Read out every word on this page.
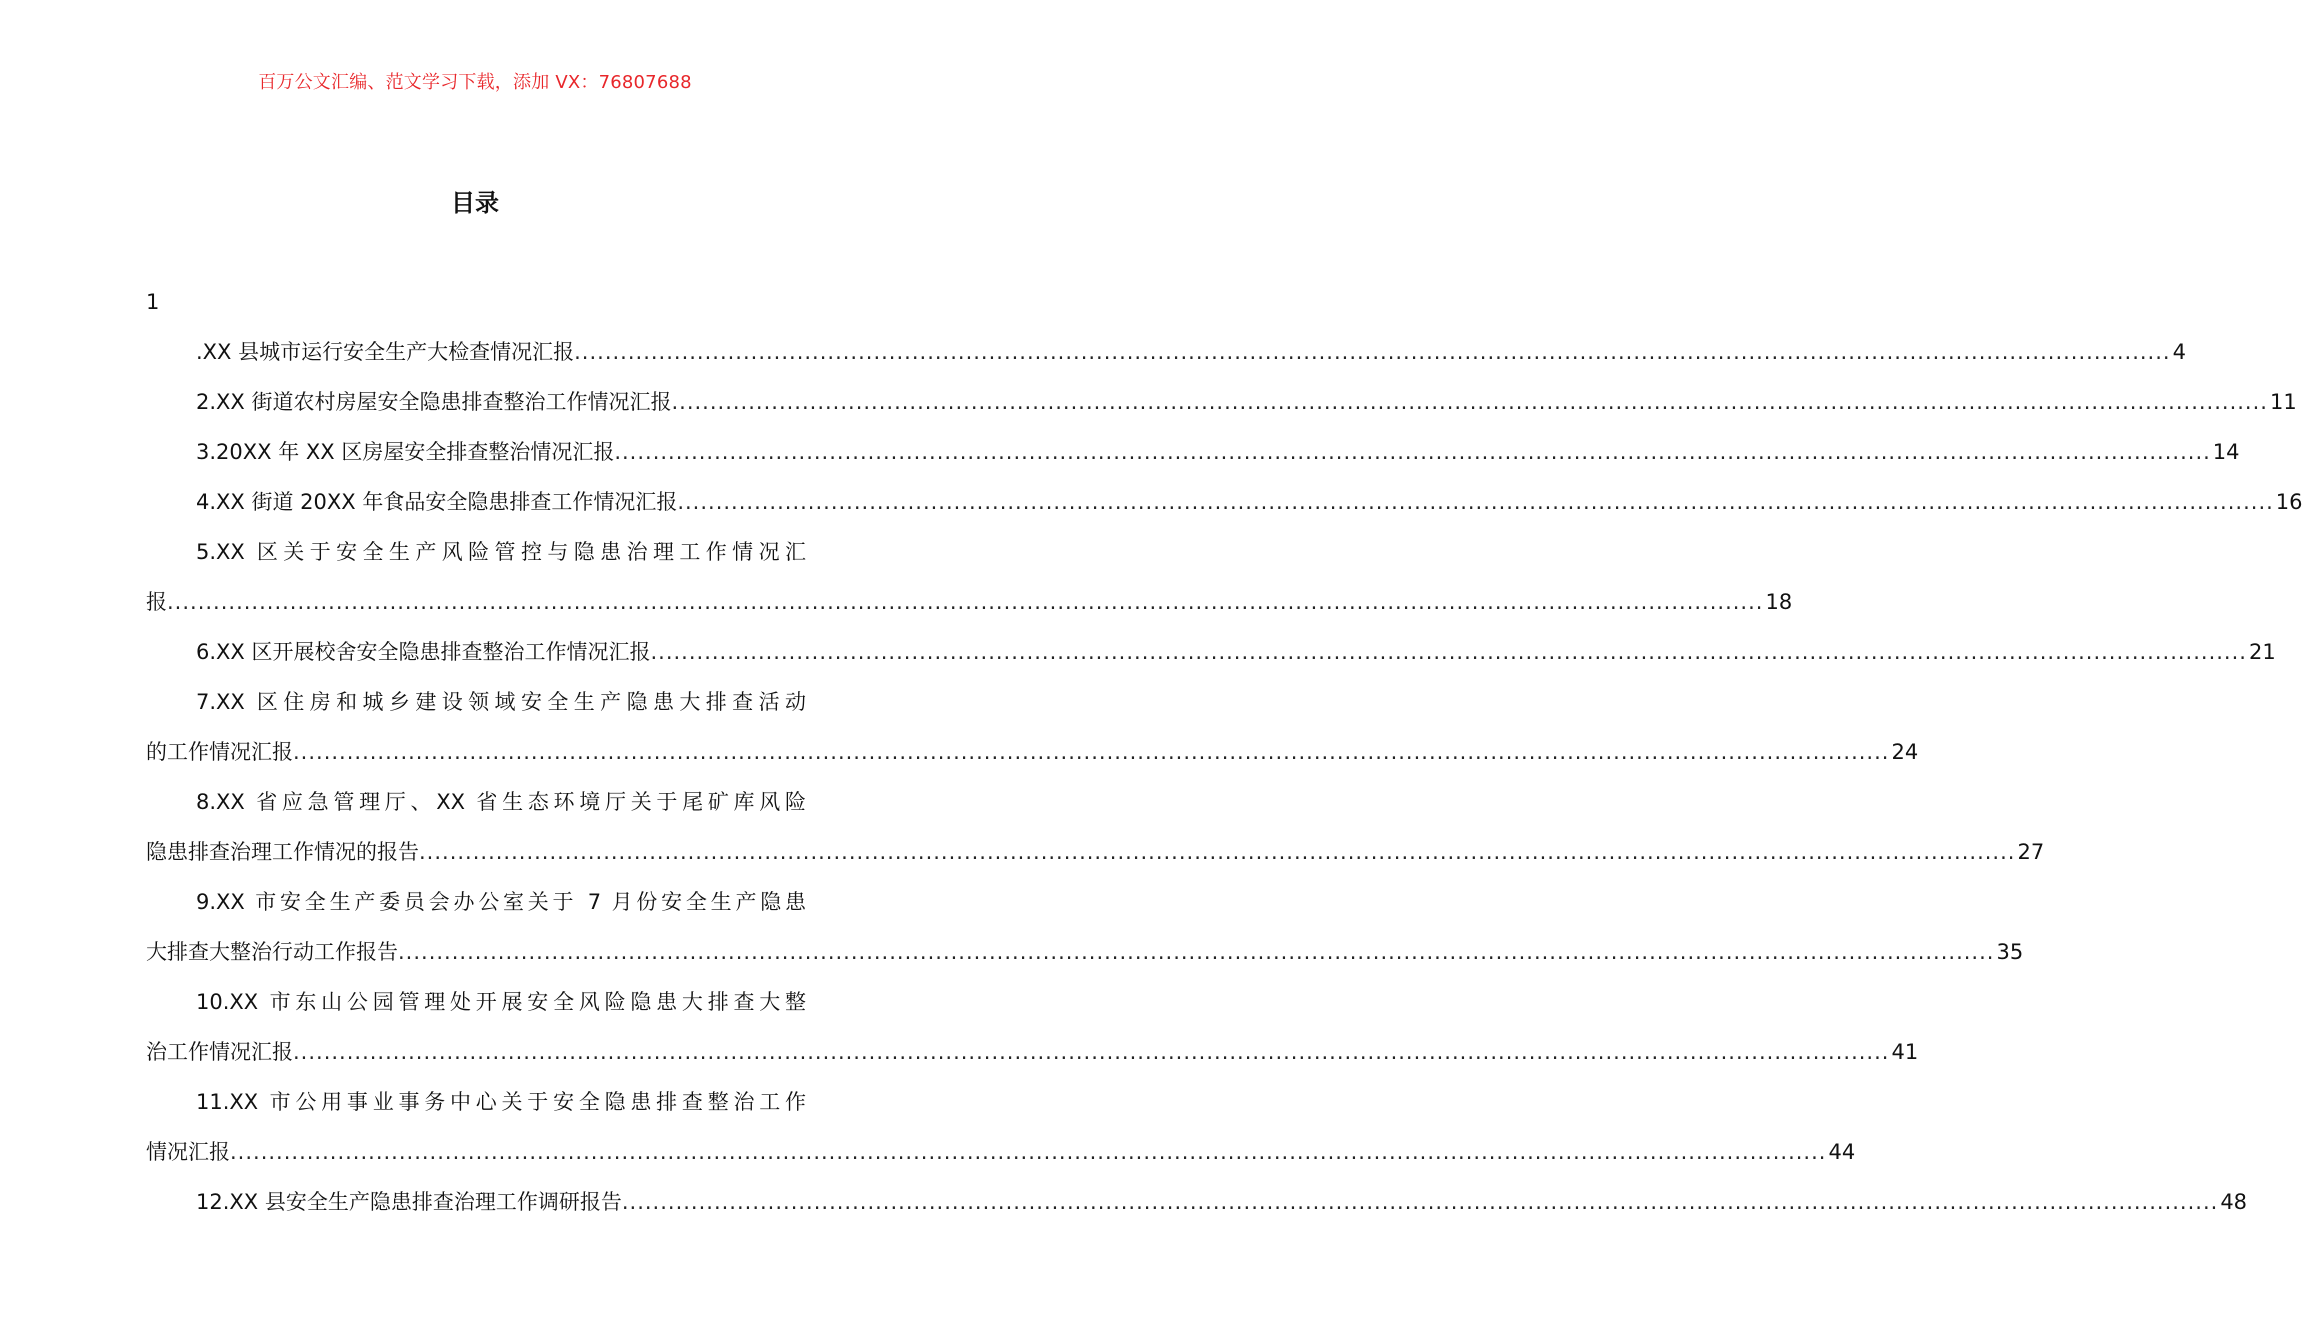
百万公文汇编、范文学习下载，添加 VX：76807688
目录
1
.XX 县城市运行安全生产大检查情况汇报 .....	4
2.XX 街道农村房屋安全隐患排查整治工作情况汇报 .....	11
3.20XX 年 XX 区房屋安全排查整治情况汇报 .....	14
4.XX 街道 20XX 年食品安全隐患排查工作情况汇报 .....	16
5.XX 区关于安全生产风险管控与隐患治理工作情况汇
报 .....	18
6.XX 区开展校舍安全隐患排查整治工作情况汇报 .....	21
7.XX 区住房和城乡建设领域安全生产隐患大排查活动
的工作情况汇报 .....	24
8.XX 省应急管理厅、XX 省生态环境厅关于尾矿库风险
隐患排查治理工作情况的报告 .....	27
9.XX 市安全生产委员会办公室关于 7 月份安全生产隐患
大排查大整治行动工作报告 .....	35
10.XX 市东山公园管理处开展安全风险隐患大排查大整
治工作情况汇报 .....	41
11.XX 市公用事业事务中心关于安全隐患排查整治工作
情况汇报 .....	44
12.XX 县安全生产隐患排查治理工作调研报告 .....	48
